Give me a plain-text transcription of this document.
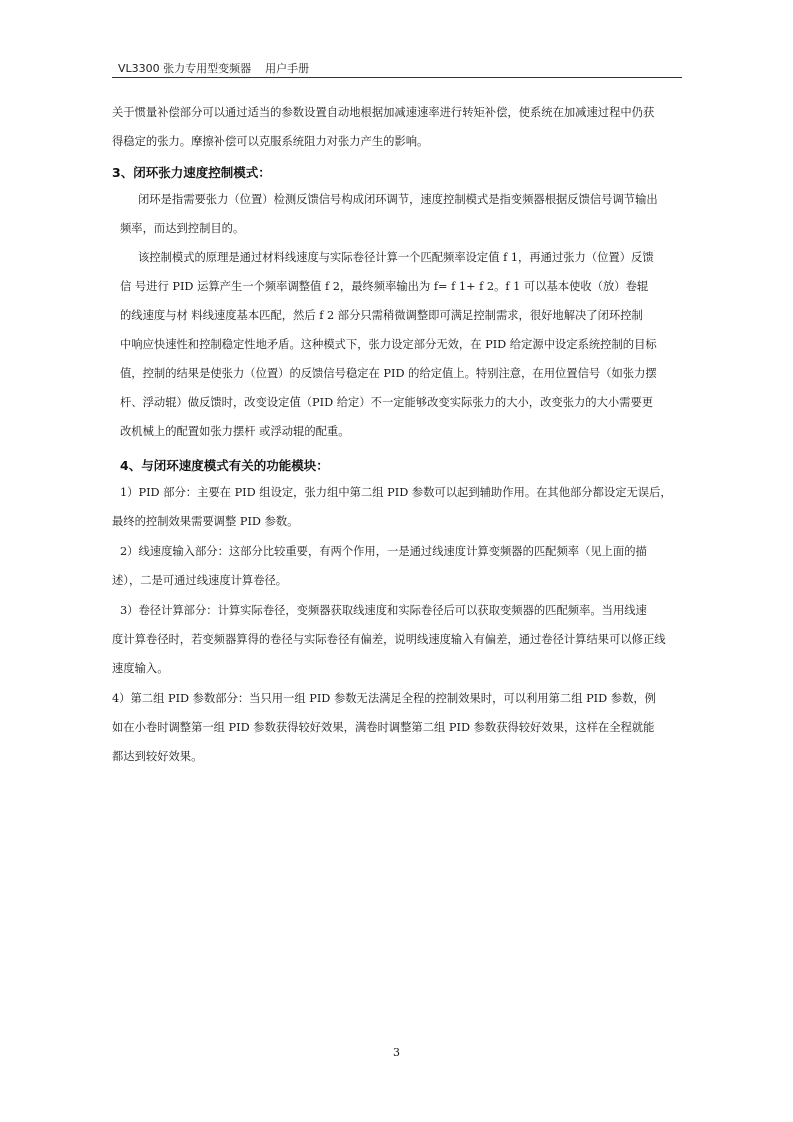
VL3300 张力专用型变频器    用户手册
关于惯量补偿部分可以通过适当的参数设置自动地根据加减速速率进行转矩补偿，使系统在加减速过程中仍获
得稳定的张力。摩擦补偿可以克服系统阻力对张力产生的影响。
3、闭环张力速度控制模式：
闭环是指需要张力（位置）检测反馈信号构成闭环调节，速度控制模式是指变频器根据反馈信号调节输出
频率，而达到控制目的。
该控制模式的原理是通过材料线速度与实际卷径计算一个匹配频率设定值 f 1，再通过张力（位置）反馈
信 号进行 PID 运算产生一个频率调整值 f 2，最终频率输出为 f= f 1+ f 2。f 1 可以基本使收（放）卷辊
的线速度与材 料线速度基本匹配，然后 f 2 部分只需稍微调整即可满足控制需求，很好地解决了闭环控制
中响应快速性和控制稳定性地矛盾。这种模式下，张力设定部分无效，在 PID 给定源中设定系统控制的目标
值，控制的结果是使张力（位置）的反馈信号稳定在 PID 的给定值上。特别注意，在用位置信号（如张力摆
杆、浮动辊）做反馈时，改变设定值（PID 给定）不一定能够改变实际张力的大小，改变张力的大小需要更
改机械上的配置如张力摆杆 或浮动辊的配重。
4、与闭环速度模式有关的功能模块：
1）PID 部分：主要在 PID 组设定，张力组中第二组 PID 参数可以起到辅助作用。在其他部分都设定无误后，
最终的控制效果需要调整 PID 参数。
2）线速度输入部分：这部分比较重要，有两个作用，一是通过线速度计算变频器的匹配频率（见上面的描
述），二是可通过线速度计算卷径。
3）卷径计算部分：计算实际卷径，变频器获取线速度和实际卷径后可以获取变频器的匹配频率。当用线速
度计算卷径时，若变频器算得的卷径与实际卷径有偏差，说明线速度输入有偏差，通过卷径计算结果可以修正线
速度输入。
4）第二组 PID 参数部分：当只用一组 PID 参数无法满足全程的控制效果时，可以利用第二组 PID 参数，例
如在小卷时调整第一组 PID 参数获得较好效果，满卷时调整第二组 PID 参数获得较好效果，这样在全程就能
都达到较好效果。
3
